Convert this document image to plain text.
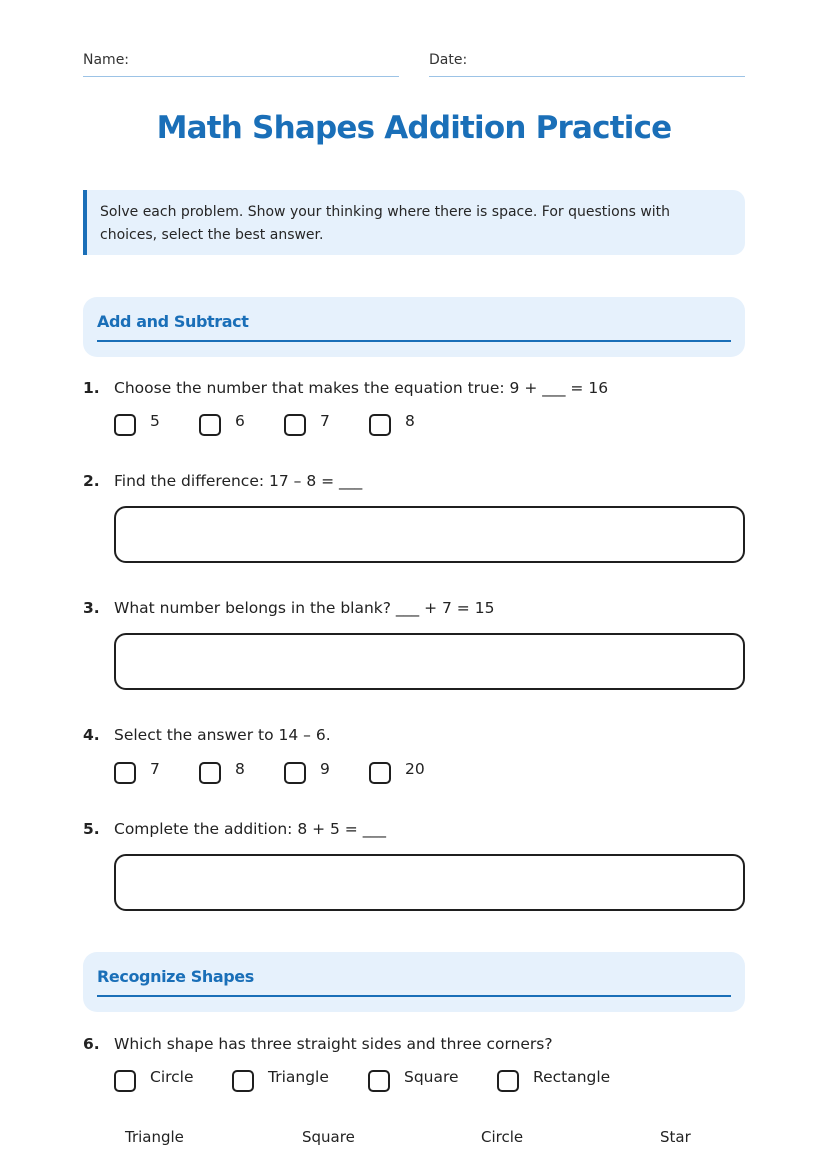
Name:	Date:
Math Shapes Addition Practice
Solve each problem. Show your thinking where there is space. For questions with choices, select the best answer.
Add and Subtract
1. Choose the number that makes the equation true: 9 + ___ = 16
5	6	7	8
2. Find the difference: 17 – 8 = ___
3. What number belongs in the blank? ___ + 7 = 15
4. Select the answer to 14 – 6.
7	8	9	20
5. Complete the addition: 8 + 5 = ___
Recognize Shapes
6. Which shape has three straight sides and three corners?
Circle	Triangle	Square	Rectangle
Triangle	Square	Circle	Star
